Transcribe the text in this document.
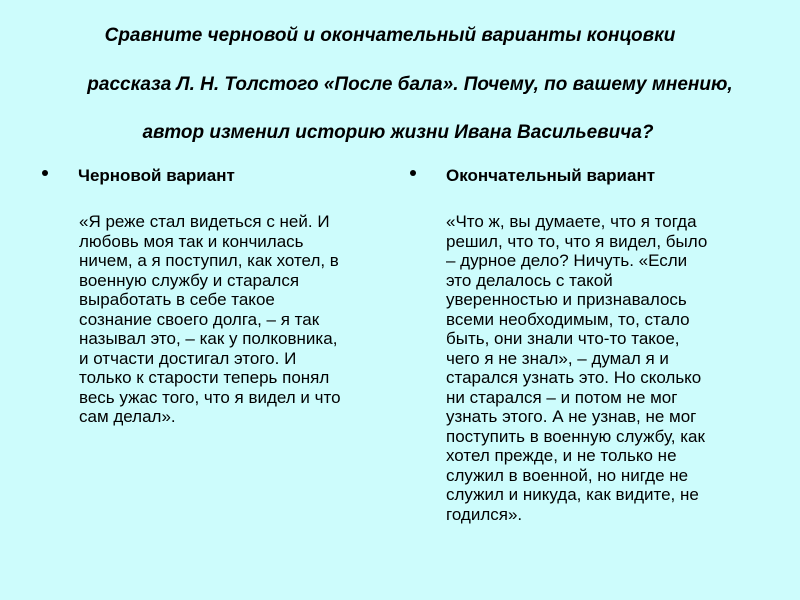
Сравните черновой и окончательный варианты концовки
рассказа Л. Н. Толстого «После бала». Почему, по вашему мнению,
автор изменил историю жизни Ивана Васильевича?
Черновой вариант

«Я реже стал видеться с ней. И
любовь моя так и кончилась
ничем, а я поступил, как хотел, в
военную службу и старался
выработать в себе такое
сознание своего долга, – я так
называл это, – как у полковника,
и отчасти достигал этого. И
только к старости теперь понял
весь ужас того, что я видел и что
сам делал».

Окончательный вариант

«Что ж, вы думаете, что я тогда
решил, что то, что я видел, было
– дурное дело? Ничуть. «Если
это делалось с такой
уверенностью и признавалось
всеми необходимым, то, стало
быть, они знали что-то такое,
чего я не знал», – думал я и
старался узнать это. Но сколько
ни старался – и потом не мог
узнать этого. А не узнав, не мог
поступить в военную службу, как
хотел прежде, и не только не
служил в военной, но нигде не
служил и никуда, как видите, не
годился».
